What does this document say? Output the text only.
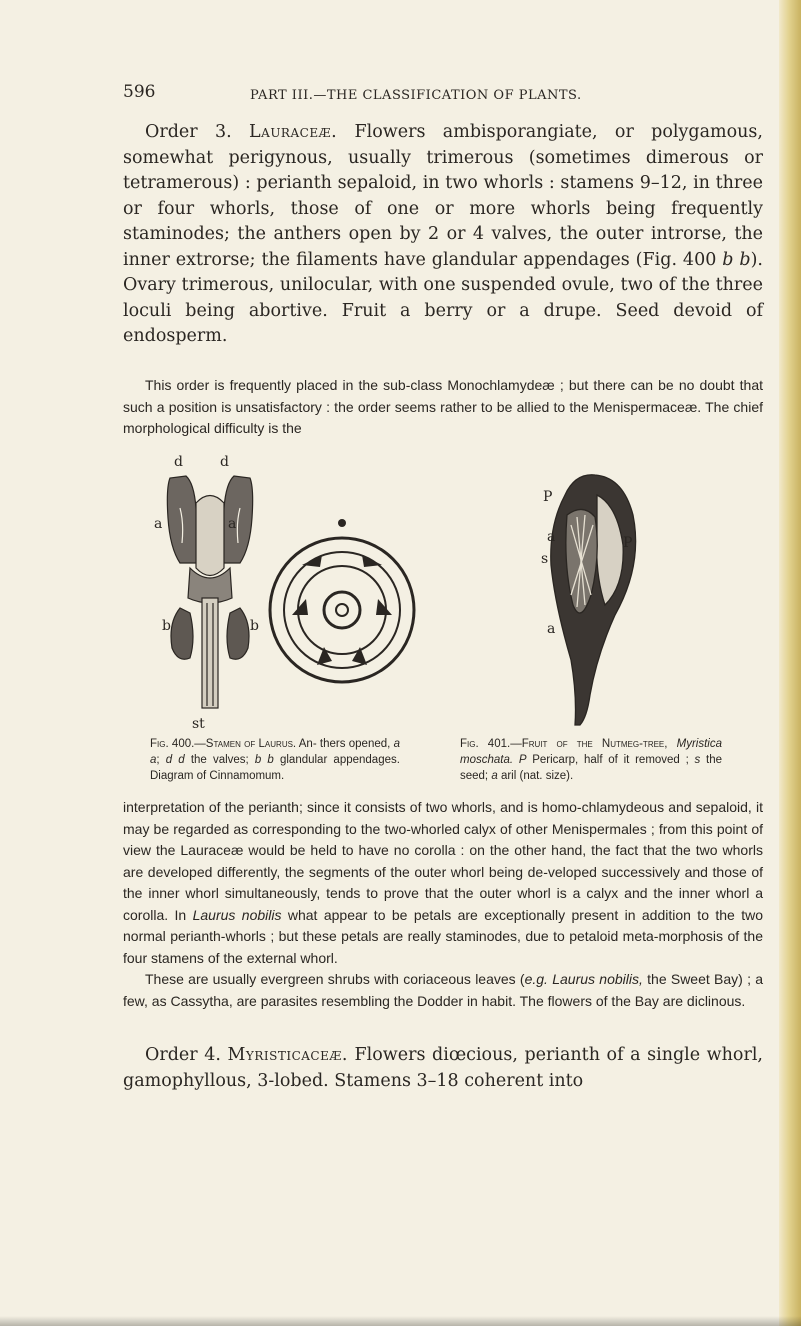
596	PART III.—THE CLASSIFICATION OF PLANTS.

Order 3. Lauraceæ. Flowers ambisporangiate, or polygamous, somewhat perigynous, usually trimerous (sometimes dimerous or tetramerous) : perianth sepaloid, in two whorls : stamens 9–12, in three or four whorls, those of one or more whorls being frequently staminodes; the anthers open by 2 or 4 valves, the outer introrse, the inner extrorse; the filaments have glandular appendages (Fig. 400 b b). Ovary trimerous, unilocular, with one suspended ovule, two of the three loculi being abortive. Fruit a berry or a drupe. Seed devoid of endosperm.

This order is frequently placed in the sub-class Monochlamydeæ ; but there can be no doubt that such a position is unsatisfactory : the order seems rather to be allied to the Menispermaceæ. The chief morphological difficulty is the

d	d
a	a
b	b
st
P
a	P
s
a
Fig. 400.—Stamen of Laurus. An- thers opened, a a; d d the valves; b b glandular appendages. Diagram of Cinnamomum.
Fig. 401.—Fruit of the Nutmeg-tree, Myristica moschata. P Pericarp, half of it removed ; s the seed; a aril (nat. size).

interpretation of the perianth; since it consists of two whorls, and is homo-chlamydeous and sepaloid, it may be regarded as corresponding to the two-whorled calyx of other Menispermales ; from this point of view the Lauraceæ would be held to have no corolla : on the other hand, the fact that the two whorls are developed differently, the segments of the outer whorl being de-veloped successively and those of the inner whorl simultaneously, tends to prove that the outer whorl is a calyx and the inner whorl a corolla. In Laurus nobilis what appear to be petals are exceptionally present in addition to the two normal perianth-whorls ; but these petals are really staminodes, due to petaloid meta-morphosis of the four stamens of the external whorl.

These are usually evergreen shrubs with coriaceous leaves (e.g. Laurus nobilis, the Sweet Bay) ; a few, as Cassytha, are parasites resembling the Dodder in habit. The flowers of the Bay are diclinous.

Order 4. Myristicaceæ. Flowers diœcious, perianth of a single whorl, gamophyllous, 3-lobed. Stamens 3–18 coherent into
